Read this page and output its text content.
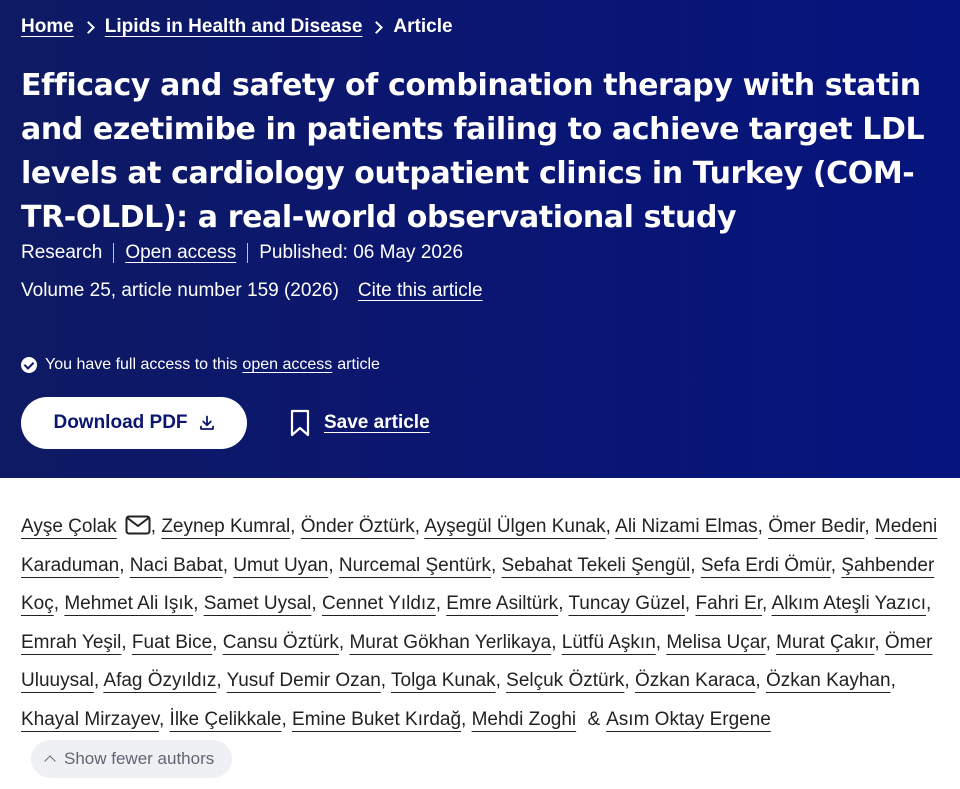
Home Lipids in Health and Disease Article
Efficacy and safety of combination therapy with statin and ezetimibe in patients failing to achieve target LDL levels at cardiology outpatient clinics in Turkey (COM-TR-OLDL): a real-world observational study
Research Open access Published: 06 May 2026
Volume 25, article number 159 (2026) Cite this article
You have full access to this open access article
Download PDF	Save article
Ayşe Çolak , Zeynep Kumral, Önder Öztürk, Ayşegül Ülgen Kunak, Ali Nizami Elmas, Ömer Bedir, Medeni Karaduman, Naci Babat, Umut Uyan, Nurcemal Şentürk, Sebahat Tekeli Şengül, Sefa Erdi Ömür, Şahbender Koç, Mehmet Ali Işık, Samet Uysal, Cennet Yıldız, Emre Asiltürk, Tuncay Güzel, Fahri Er, Alkım Ateşli Yazıcı, Emrah Yeşil, Fuat Bice, Cansu Öztürk, Murat Gökhan Yerlikaya, Lütfü Aşkın, Melisa Uçar, Murat Çakır, Ömer Uluuysal, Afag Özyıldız, Yusuf Demir Ozan, Tolga Kunak, Selçuk Öztürk, Özkan Karaca, Özkan Kayhan, Khayal Mirzayev, İlke Çelikkale, Emine Buket Kırdağ, Mehdi Zoghi & Asım Oktay Ergene
Show fewer authors
